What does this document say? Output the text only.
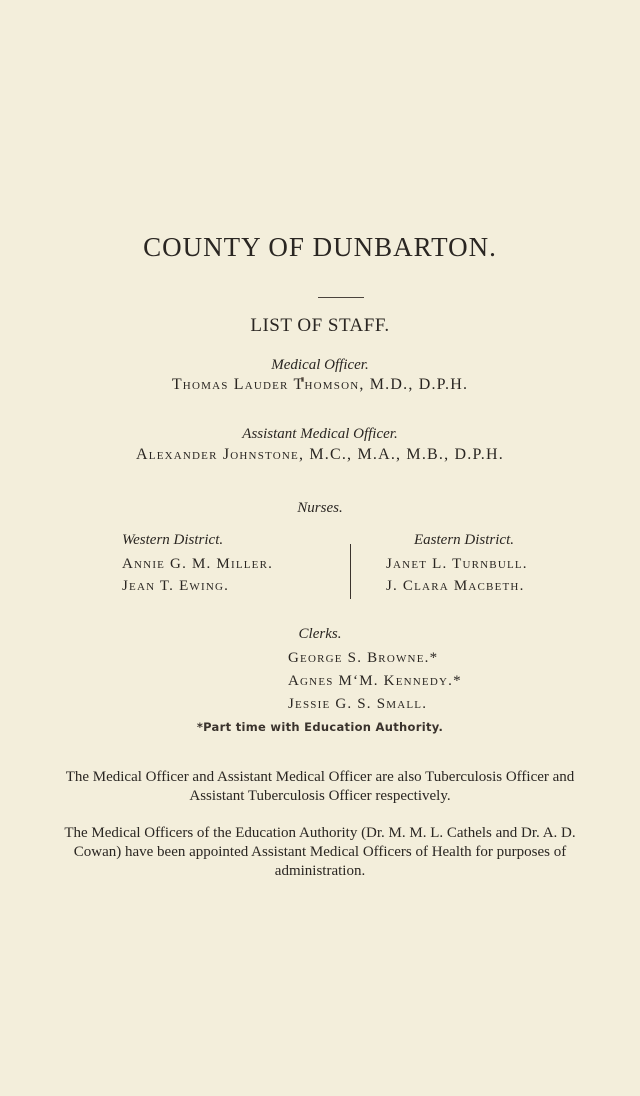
COUNTY OF DUNBARTON.
LIST OF STAFF.
Medical Officer.
Thomas Lauder Thomson, M.D., D.P.H.
Assistant Medical Officer.
Alexander Johnstone, M.C., M.A., M.B., D.P.H.
Nurses.
Western District.
Annie G. M. Miller.
Jean T. Ewing.
Eastern District.
Janet L. Turnbull.
J. Clara Macbeth.
Clerks.
George S. Browne.*
Agnes M‘M. Kennedy.*
Jessie G. S. Small.
*Part time with Education Authority.
The Medical Officer and Assistant Medical Officer are also Tuberculosis Officer and Assistant Tuberculosis Officer respectively.
The Medical Officers of the Education Authority (Dr. M. M. L. Cathels and Dr. A. D. Cowan) have been appointed Assistant Medical Officers of Health for purposes of administration.
